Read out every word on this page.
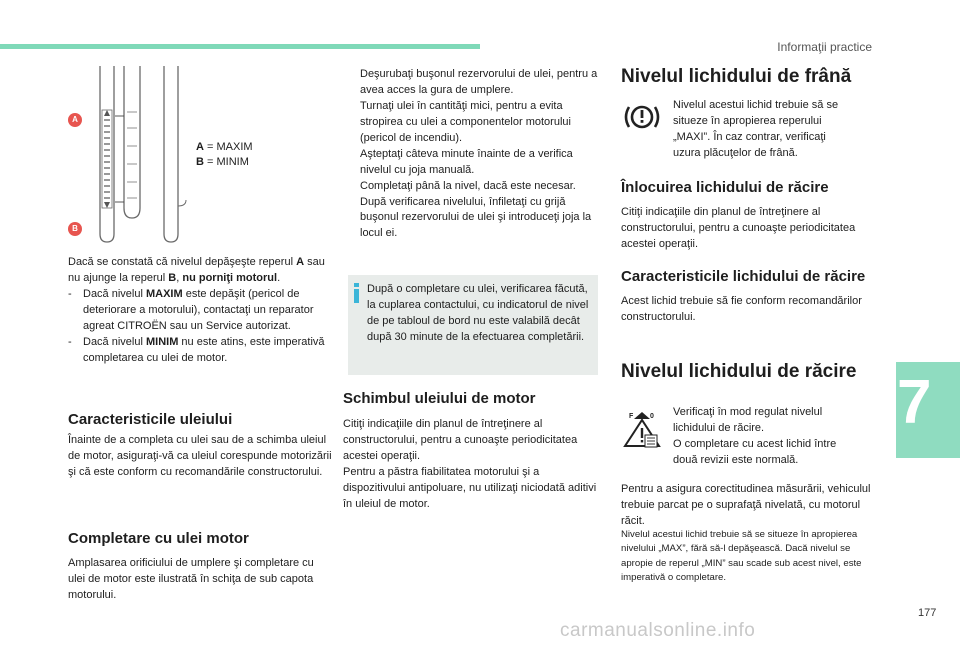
Informaţii practice
7
177
carmanualsonline.info
A
B
A = MAXIM
B = MINIM
Dacă se constată că nivelul depăşeşte reperul A sau nu ajunge la reperul B, nu porniţi motorul.
-	Dacă nivelul MAXIM este depăşit (pericol de deteriorare a motorului), contactaţi un reparator agreat CITROËN sau un Service autorizat.
-	Dacă nivelul MINIM nu este atins, este imperativă completarea cu ulei de motor.
Caracteristicile uleiului
Înainte de a completa cu ulei sau de a schimba uleiul de motor, asiguraţi-vă ca uleiul corespunde motorizării şi că este conform cu recomandările constructorului.
Completare cu ulei motor
Amplasarea orificiului de umplere şi completare cu ulei de motor este ilustrată în schiţa de sub capota motorului.
Deşurubaţi buşonul rezervorului de ulei, pentru a avea acces la gura de umplere.
Turnaţi ulei în cantităţi mici, pentru a evita stropirea cu ulei a componentelor motorului (pericol de incendiu).
Aşteptaţi câteva minute înainte de a verifica nivelul cu joja manuală.
Completaţi până la nivel, dacă este necesar.
După verificarea nivelului, înfiletaţi cu grijă buşonul rezervorului de ulei şi introduceţi joja la locul ei.
După o completare cu ulei, verificarea făcută, la cuplarea contactului, cu indicatorul de nivel de pe tabloul de bord nu este valabilă decât după 30 minute de la efectuarea completării.
Schimbul uleiului de motor
Citiţi indicaţiile din planul de întreţinere al constructorului, pentru a cunoaşte periodicitatea acestei operaţii.
Pentru a păstra fiabilitatea motorului şi a dispozitivului antipoluare, nu utilizaţi niciodată aditivi în uleiul de motor.
Nivelul lichidului de frână
Nivelul acestui lichid trebuie să se situeze în apropierea reperului „MAXI”. În caz contrar, verificaţi uzura plăcuţelor de frână.
Înlocuirea lichidului de răcire
Citiţi indicaţiile din planul de întreţinere al constructorului, pentru a cunoaşte periodicitatea acestei operaţii.
Caracteristicile lichidului de răcire
Acest lichid trebuie să fie conform recomandărilor constructorului.
Nivelul lichidului de răcire
F 0 Verificaţi în mod regulat nivelul lichidului de răcire.
O completare cu acest lichid între două revizii este normală.
Pentru a asigura corectitudinea măsurării, vehiculul trebuie parcat pe o suprafaţă nivelată, cu motorul răcit.
Nivelul acestui lichid trebuie să se situeze în apropierea nivelului „MAX”, fără să-l depăşească. Dacă nivelul se apropie de reperul „MIN” sau scade sub acest nivel, este imperativă o completare.
